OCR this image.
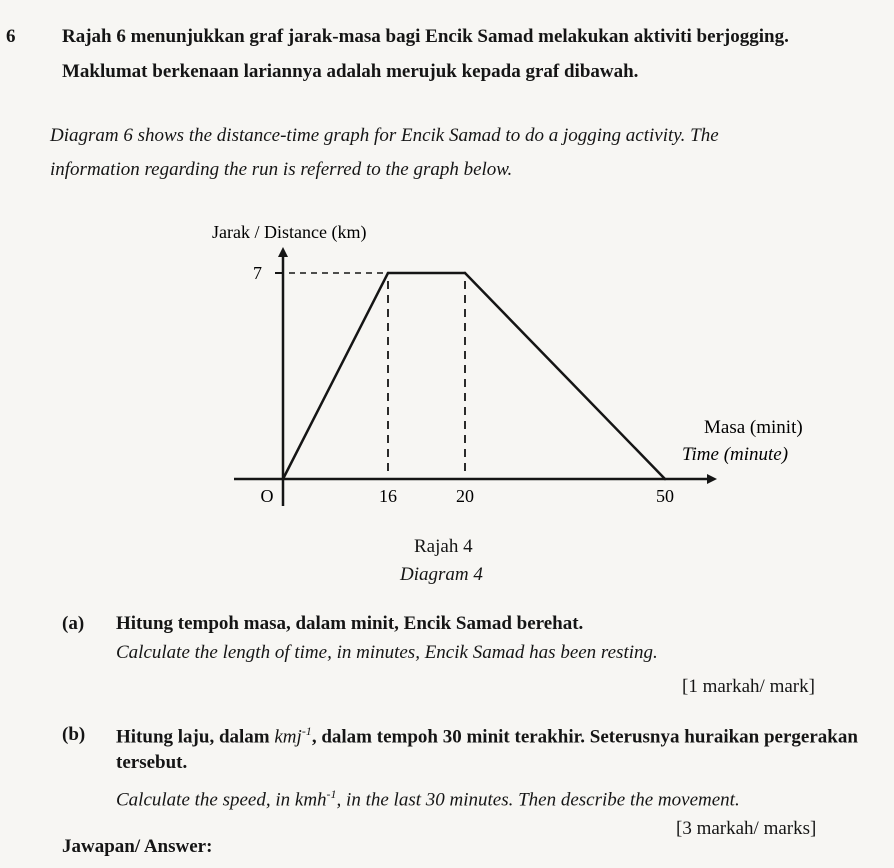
6 Rajah 6 menunjukkan graf jarak-masa bagi Encik Samad melakukan aktiviti berjogging.
Maklumat berkenaan lariannya adalah merujuk kepada graf dibawah.
Diagram 6 shows the distance-time graph for Encik Samad to do a jogging activity. The
information regarding the run is referred to the graph below.
Jarak / Distance (km)
Masa (minit)
Time (minute)
7
O	16	20	50
Rajah 4
Diagram 4
(a) Hitung tempoh masa, dalam minit, Encik Samad berehat.
Calculate the length of time, in minutes, Encik Samad has been resting.
[1 markah/ mark]
(b) Hitung laju, dalam kmj$^{-1}$, dalam tempoh 30 minit terakhir. Seterusnya huraikan pergerakan
tersebut.
Calculate the speed, in kmh$^{-1}$, in the last 30 minutes. Then describe the movement.
[3 markah/ marks]
Jawapan/ Answer:
